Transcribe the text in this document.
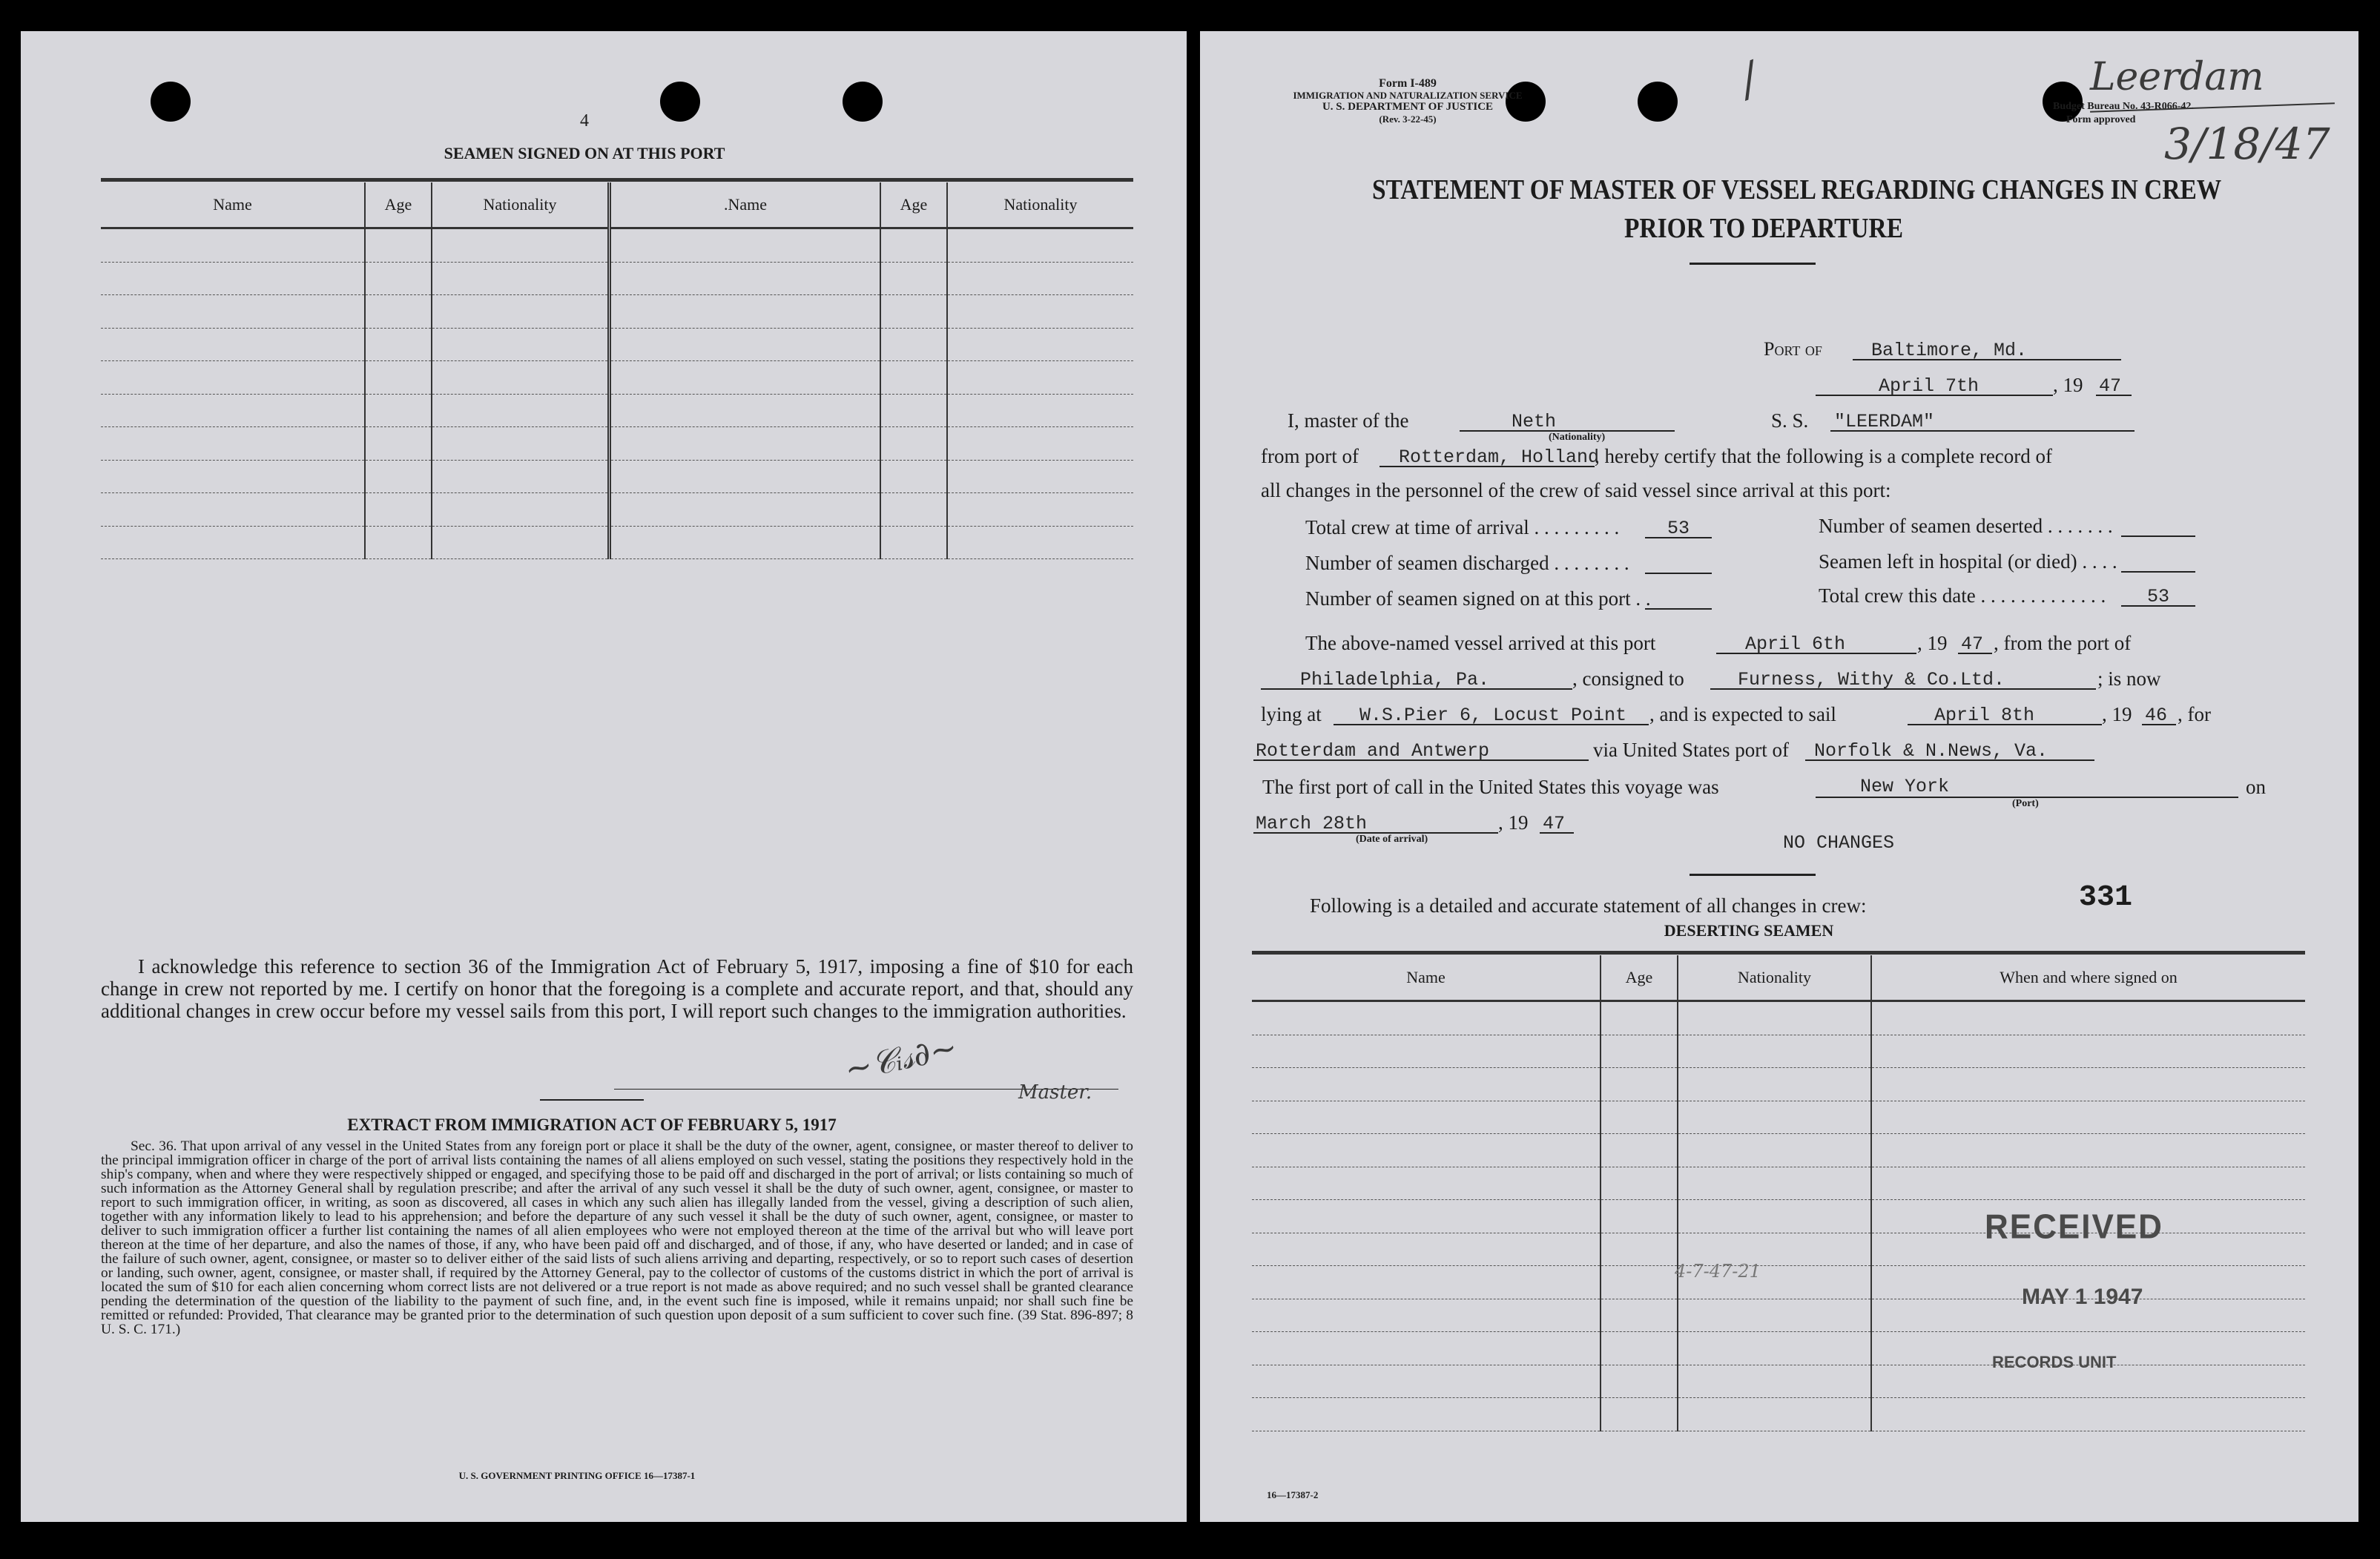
4
SEAMEN SIGNED ON AT THIS PORT
Name	Age	Nationality	.Name	Age	Nationality

I acknowledge this reference to section 36 of the Immigration Act of February 5, 1917, imposing a fine of $10 for each change in crew not reported by me. I certify on honor that the foregoing is a complete and accurate report, and that, should any additional changes in crew occur before my vessel sails from this port, I will report such changes to the immigration authorities.
~𝒞ᵢ𝓈∂~
Master.
EXTRACT FROM IMMIGRATION ACT OF FEBRUARY 5, 1917
Sec. 36. That upon arrival of any vessel in the United States from any foreign port or place it shall be the duty of the owner, agent, consignee, or master thereof to deliver to the principal immigration officer in charge of the port of arrival lists containing the names of all aliens employed on such vessel, stating the positions they respectively hold in the ship's company, when and where they were respectively shipped or engaged, and specifying those to be paid off and discharged in the port of arrival; or lists containing so much of such information as the Attorney General shall by regulation prescribe; and after the arrival of any such vessel it shall be the duty of such owner, agent, consignee, or master to report to such immigration officer, in writing, as soon as discovered, all cases in which any such alien has illegally landed from the vessel, giving a description of such alien, together with any information likely to lead to his apprehension; and before the departure of any such vessel it shall be the duty of such owner, agent, consignee, or master to deliver to such immigration officer a further list containing the names of all alien employees who were not employed thereon at the time of the arrival but who will leave port thereon at the time of her departure, and also the names of those, if any, who have been paid off and discharged, and of those, if any, who have deserted or landed; and in case of the failure of such owner, agent, consignee, or master so to deliver either of the said lists of such aliens arriving and departing, respectively, or so to report such cases of desertion or landing, such owner, agent, consignee, or master shall, if required by the Attorney General, pay to the collector of customs of the customs district in which the port of arrival is located the sum of $10 for each alien concerning whom correct lists are not delivered or a true report is not made as above required; and no such vessel shall be granted clearance pending the determination of the question of the liability to the payment of such fine, and, in the event such fine is imposed, while it remains unpaid; nor shall such fine be remitted or refunded: Provided, That clearance may be granted prior to the determination of such question upon deposit of a sum sufficient to cover such fine. (39 Stat. 896-897; 8 U. S. C. 171.)
U. S. GOVERNMENT PRINTING OFFICE 16—17387-1
Form I-489
IMMIGRATION AND NATURALIZATION SERVICE
U. S. DEPARTMENT OF JUSTICE
(Rev. 3-22-45)
Budget Bureau No. 43-R066-42.
Form approved
Leerdam
3/18/47
/
STATEMENT OF MASTER OF VESSEL REGARDING CHANGES IN CREW
PRIOR TO DEPARTURE
Port of	Baltimore, Md.
April 7th	, 19 47
I, master of the	Neth
(Nationality)
S. S. "LEERDAM"
from port of Rotterdam, Holland
, hereby certify that the following is a complete record of
all changes in the personnel of the crew of said vessel since arrival at this port:
Total crew at time of arrival . . . . . . . . .	53	Number of seamen deserted . . . . . . .
Number of seamen discharged . . . . . . . .	Seamen left in hospital (or died) . . . .
Number of seamen signed on at this port . .	Total crew this date . . . . . . . . . . . . .	53
The above-named vessel arrived at this port	April 6th	, 19 47 , from the port of
Philadelphia, Pa.	, consigned to	Furness, Withy & Co.Ltd.	; is now
lying at W.S.Pier 6, Locust Point , and is expected to sail	April 8th	, 19 46 , for
Rotterdam and Antwerp	via United States port of Norfolk & N.News, Va.
The first port of call in the United States this voyage was	New York
(Port)
on
March 28th
(Date of arrival)
, 19 47
NO CHANGES
Following is a detailed and accurate statement of all changes in crew:	331
DESERTING SEAMEN
Name	Age	Nationality	When and where signed on

4-7-47-21
RECEIVED
MAY 1 1947
RECORDS UNIT
16—17387-2
